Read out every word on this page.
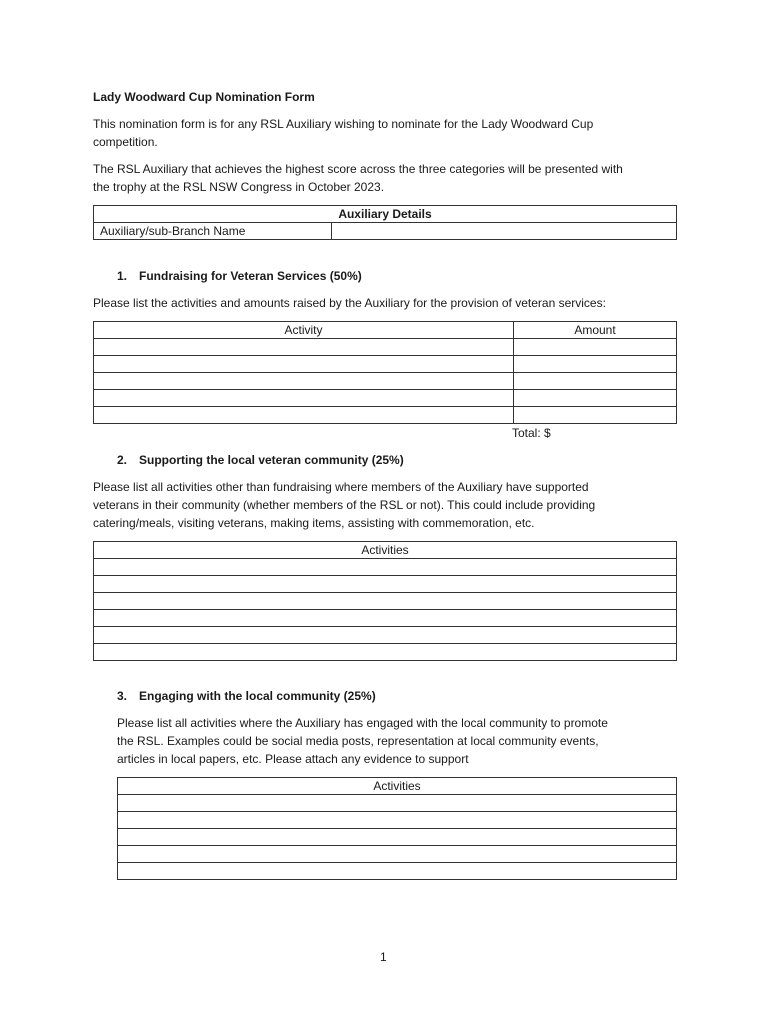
Lady Woodward Cup Nomination Form
This nomination form is for any RSL Auxiliary wishing to nominate for the Lady Woodward Cup
competition.
The RSL Auxiliary that achieves the highest score across the three categories will be presented with
the trophy at the RSL NSW Congress in October 2023.
Auxiliary Details
Auxiliary/sub-Branch Name	
1. Fundraising for Veteran Services (50%)
Please list the activities and amounts raised by the Auxiliary for the provision of veteran services:
Activity	Amount

Total: $
2. Supporting the local veteran community (25%)
Please list all activities other than fundraising where members of the Auxiliary have supported
veterans in their community (whether members of the RSL or not). This could include providing
catering/meals, visiting veterans, making items, assisting with commemoration, etc.
Activities

3. Engaging with the local community (25%)
Please list all activities where the Auxiliary has engaged with the local community to promote
the RSL. Examples could be social media posts, representation at local community events,
articles in local papers, etc. Please attach any evidence to support
Activities

1
